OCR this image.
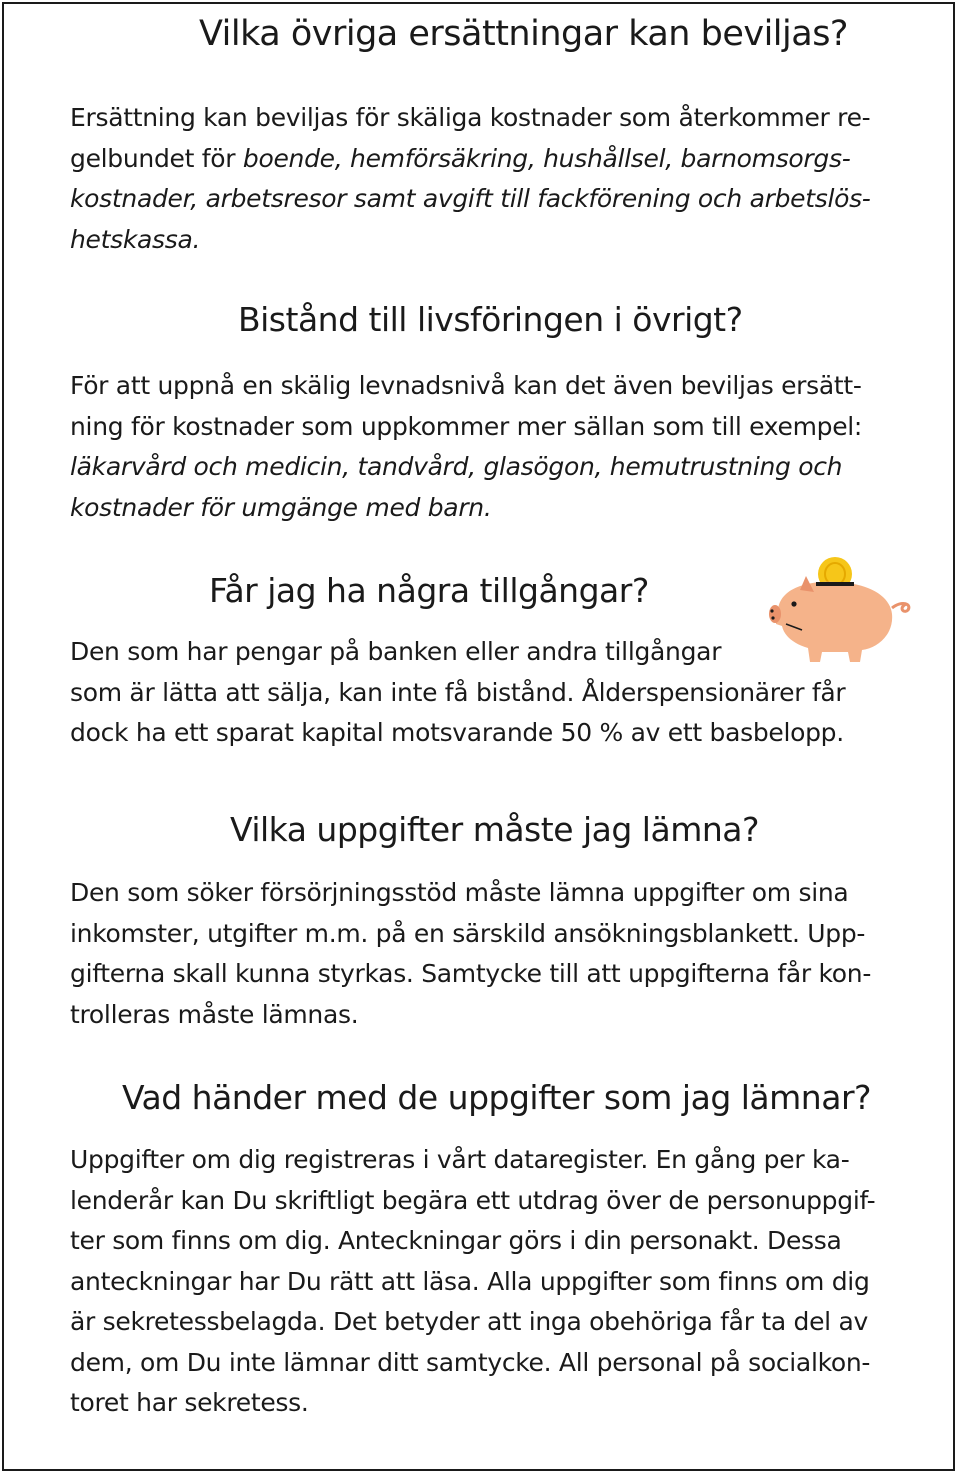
Vilka övriga ersättningar kan beviljas?

Ersättning kan beviljas för skäliga kostnader som återkommer re-
gelbundet för boende, hemförsäkring, hushållsel, barnomsorgs-
kostnader, arbetsresor samt avgift till fackförening och arbetslös-
hetskassa.

Bistånd till livsföringen i övrigt?

För att uppnå en skälig levnadsnivå kan det även beviljas ersätt-
ning för kostnader som uppkommer mer sällan som till exempel:
läkarvård och medicin, tandvård, glasögon, hemutrustning och
kostnader för umgänge med barn.

Får jag ha några tillgångar?

Den som har pengar på banken eller andra tillgångar
som är lätta att sälja, kan inte få bistånd. Ålderspensionärer får
dock ha ett sparat kapital motsvarande 50 % av ett basbelopp.

Vilka uppgifter måste jag lämna?

Den som söker försörjningsstöd måste lämna uppgifter om sina
inkomster, utgifter m.m. på en särskild ansökningsblankett. Upp-
gifterna skall kunna styrkas. Samtycke till att uppgifterna får kon-
trolleras måste lämnas.

Vad händer med de uppgifter som jag lämnar?

Uppgifter om dig registreras i vårt dataregister. En gång per ka-
lenderår kan Du skriftligt begära ett utdrag över de personuppgif-
ter som finns om dig. Anteckningar görs i din personakt. Dessa
anteckningar har Du rätt att läsa. Alla uppgifter som finns om dig
är sekretessbelagda. Det betyder att inga obehöriga får ta del av
dem, om Du inte lämnar ditt samtycke. All personal på socialkon-
toret har sekretess.
